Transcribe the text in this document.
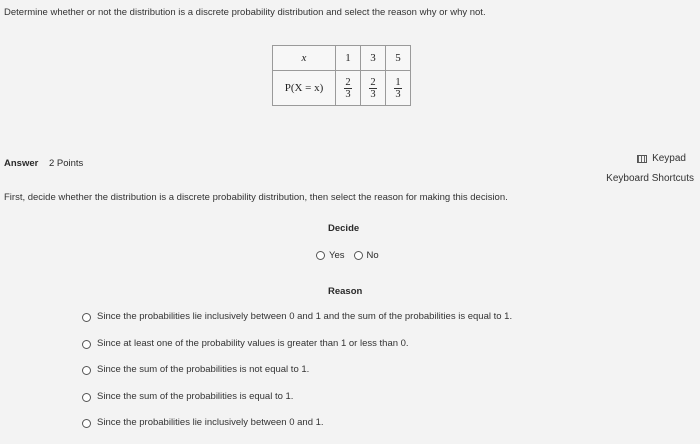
Determine whether or not the distribution is a discrete probability distribution and select the reason why or why not.
x	1	3	5
P(X = x)	$\frac{2}{3}$	$\frac{2}{3}$	$\frac{1}{3}$
Answer 2 Points	Keypad
Keyboard Shortcuts
First, decide whether the distribution is a discrete probability distribution, then select the reason for making this decision.
Decide
Yes No
Reason
Since the probabilities lie inclusively between 0 and 1 and the sum of the probabilities is equal to 1.
Since at least one of the probability values is greater than 1 or less than 0.
Since the sum of the probabilities is not equal to 1.
Since the sum of the probabilities is equal to 1.
Since the probabilities lie inclusively between 0 and 1.
